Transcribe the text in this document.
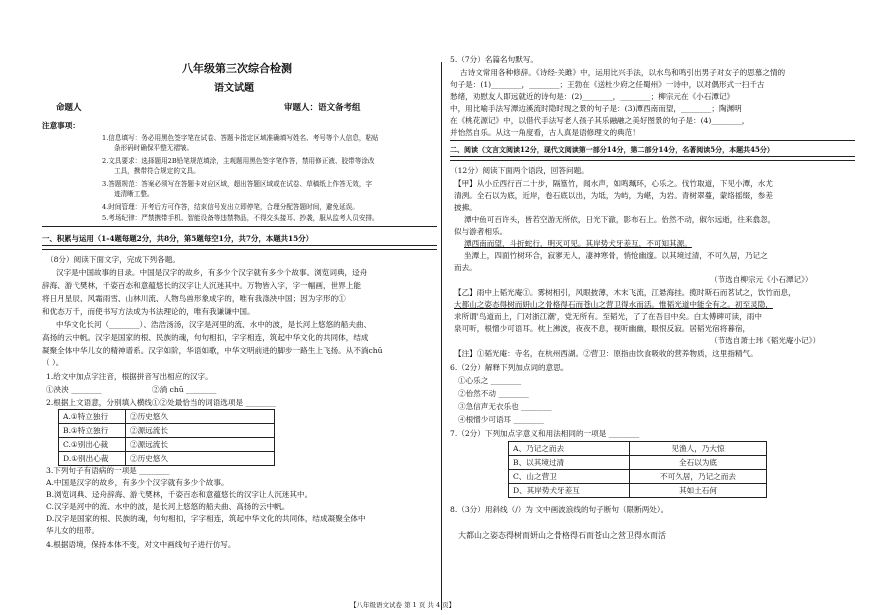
八年级第三次综合检测
语文试题
命题人	审题人：语文备考组
注意事项：
1.信息填写：务必用黑色签字笔在试卷、答题卡指定区域准确填写姓名、考号等个人信息，粘贴
条形码时确保平整无褶皱。
2.文具要求：选择题用2B铅笔规范填涂，主观题用黑色签字笔作答，禁用修正液、胶带等涂改
工具，携带符合规定的文具。
3.答题规范：答案必须写在答题卡对应区域，超出答题区域或在试卷、草稿纸上作答无效，字
迹清晰工整。
4.时间管理：开考后方可作答，结束信号发出立即停笔，合理分配答题时间，避免延误。
5.考场纪律：严禁携带手机、智能设备等违禁物品，不得交头接耳、抄袭，服从监考人员安排。
一、积累与运用（1-4题每题2分，共8分，第5题每空1分，共7分，本题共15分）
（8分）阅读下面文字，完成下列各题。
汉字是中国故事的目录。中国是汉字的故乡，有多少个汉字就有多少个故事。浏览词典，迳舟
辞海、游弋樊林，千姿百态和意蕴悠长的汉字让人沉迷其中。万物皆入字，字一幅画，世界上能
将日月星辰、风霜雨雪、山林川流、人物鸟兽形象成字的，唯有我涤泱中国；因为字形的①
和优态万千，而使书写方法成为书法理论的，唯有我谦谦中国。
中华文化长河（________）、浩浩汤汤，汉字是河里的流、水中的波，是长河上悠悠的船夫曲、
高扬的云中帆。汉字是国家的根、民族的魂，句句相扣，字字相连，筑起中华文化的共同体，结成
凝聚全体中华儿女的精神谱系。汉字如阶，华语如歌，中华文明前进的脚步一路生上飞扬。从不淌chū
（ ）。
1.给文中加点字注音，根据拼音写出相应的汉字。
①泱泱 ________	②淌 chū ________
2.根据上文语意，分别填入横线①②处最恰当的词语选项是 ________
A.①特立独行	②历史悠久
B.①特立独行	②源远流长
C.①别出心裁	②源远流长
D.①别出心裁	②历史悠久
3.下列句子有语病的一项是 ________
A.中国是汉字的故乡，有多少个汉字就有多少个故事。
B.浏览词典、迳舟辞海、游弋樊林，千姿百态和意蕴悠长的汉字让人沉迷其中。
C.汉字是河中的流、水中的波，是长河上悠悠的船夫曲、高扬的云中帆。
D.汉字是国家的根、民族的魂，句句相扣，字字相连，筑起中华文化的共同体，结成凝聚全体中
华儿女的纽带。
4.根据语境，保持本体不变，对文中画线句子进行仿写。
5.（7分）名篇名句默写。
古诗文常用各种修辞。《诗经·关雎》中，运用比兴手法，以水鸟和鸣引出男子对女子的思慕之情的
句子是：(1)________，________；王勃在《送杜少府之任蜀州》一诗中，以对偶形式一扫千古
愁绪，劝慰友人即远就近的诗句是：(2)________，________；柳宗元在《小石潭记》
中，用比喻手法写潭边溪流时隐时现之景的句子是：(3)潭西南而望，________；陶渊明
在《桃花源记》中，以借代手法写老人孩子其乐融融之美好图景的句子是：(4)________，
并怡然自乐。从这一角度看，古人真是语修理文的典范！
二、阅读（文言文阅读12分，现代文阅读第一部分14分，第二部分14分，名著阅读5分，本题共45分）
（12分）阅读下面两个语段，回答问题。
【甲】从小丘西行百二十步，隔篁竹，闻水声，如鸣珮环，心乐之。伐竹取道，下见小潭，水尤
清洌。全石以为底，近岸，卷石底以出，为坻，为屿，为嵁，为岩。青树翠蔓，蒙络摇缀，参差
披拂。
潭中鱼可百许头，皆若空游无所依，日光下澈，影布石上。佁然不动，俶尔远逝，往来翕忽，
似与游者相乐。
潭西南而望，斗折蛇行，明灭可见。其岸势犬牙差互，不可知其源。
坐潭上，四面竹树环合，寂寥无人，凄神寒骨，悄怆幽邃。以其境过清，不可久居，乃记之
而去。
（节选自柳宗元《小石潭记》）
【乙】雨中上韬光庵①。雾树相引，风眼披薄，木末飞流，江悬海挂。揽时斯石而茗试之，饮竹而息，
大都山之姿态得树而妍山之骨格得石而苍山之营卫得水而活。惟韬光道中能全有之。初至灵隐，
求所谓'鸟道而上，门对浙江潮'，党无所有。至韬光，了了在吾目中矣。白太傅碑可读，雨中
泉可听，根憎少可语耳。枕上沸波，夜夜不息，视听幽幽，眼恨反寂。居韬光宿将暮宿，
（节选自萧士玮《韬光庵小记》）
【注】①韬光庵：寺名，在杭州西湖。②营卫：原指由饮食吸收的营养物质，这里指精气。
6.（2分）解释下列加点词的意思。
①心乐之 ________
②佁然不动 ________
③急信声无衣乐也 ________
④根憎少可语耳 ________
7.（2分）下列加点字意义和用法相同的一项是 ________
A、乃记之而去	见渔人，乃大惊
B、以其境过清	全石以为底
C、山之营卫	不可久居，乃记之而去
D、其岸势犬牙差互	其如土石何
8.（3分）用斜线（/）为 文中画波浪线的句子断句（限断两处）。
大都山之姿态得树而妍山之骨格得石而苍山之营卫得水而活
【八年级语文试卷 第 1 页 共 4 页】
